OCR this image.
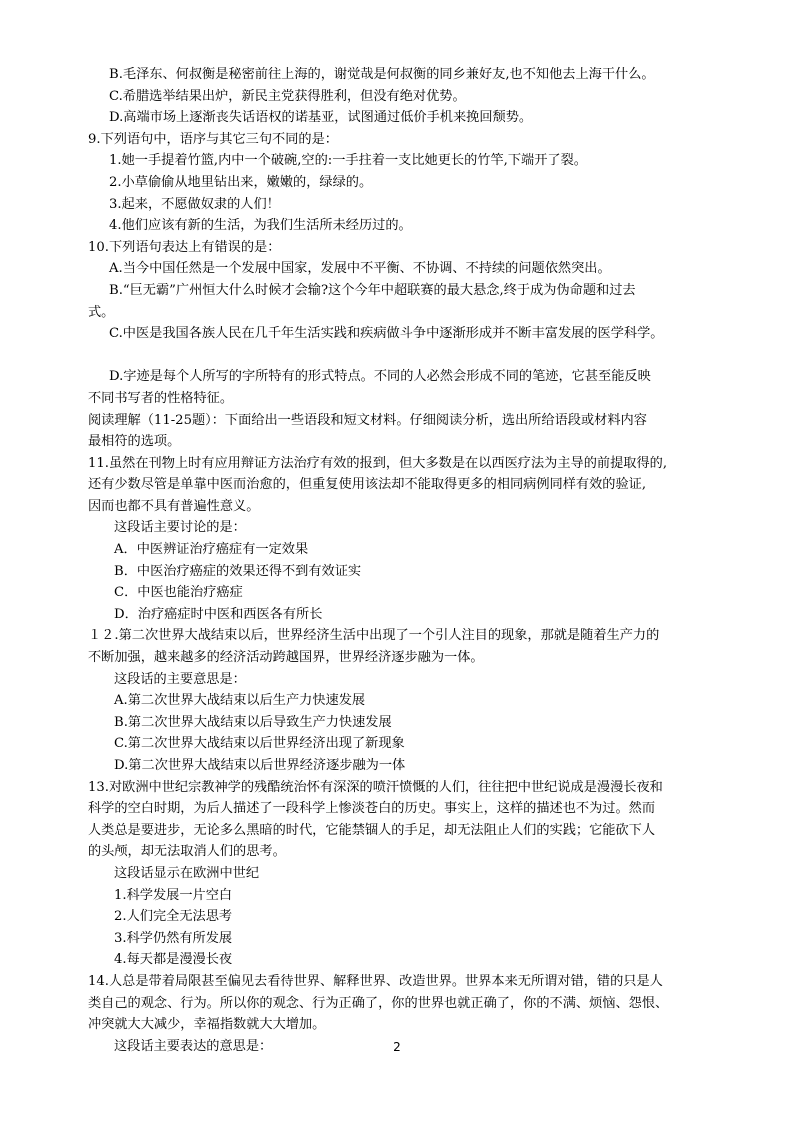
B.毛泽东、何叔衡是秘密前往上海的，谢觉哉是何叔衡的同乡兼好友,也不知他去上海干什么。
C.希腊选举结果出炉，新民主党获得胜利，但没有绝对优势。
D.高端市场上逐渐丧失话语权的诺基亚，试图通过低价手机来挽回颓势。
9.下列语句中，语序与其它三句不同的是：
1.她一手提着竹篮,内中一个破碗,空的:一手拄着一支比她更长的竹竿,下端开了裂。
2.小草偷偷从地里钻出来，嫩嫩的，绿绿的。
3.起来，不愿做奴隶的人们！
4.他们应该有新的生活，为我们生活所未经历过的。
10.下列语句表达上有错误的是：
A.当今中国任然是一个发展中国家，发展中不平衡、不协调、不持续的问题依然突出。
B.“巨无霸”广州恒大什么时候才会输?这个今年中超联赛的最大悬念,终于成为伪命题和过去
式。
C.中医是我国各族人民在几千年生活实践和疾病做斗争中逐渐形成并不断丰富发展的医学科学。

D.字迹是每个人所写的字所特有的形式特点。不同的人必然会形成不同的笔迹，它甚至能反映
不同书写者的性格特征。
阅读理解（11-25题）：下面给出一些语段和短文材料。仔细阅读分析，选出所给语段或材料内容
最相符的选项。
11.虽然在刊物上时有应用辩证方法治疗有效的报到，但大多数是在以西医疗法为主导的前提取得的,
还有少数尽管是单靠中医而治愈的，但重复使用该法却不能取得更多的相同病例同样有效的验证,
因而也都不具有普遍性意义。
这段话主要讨论的是：
A．中医辨证治疗癌症有一定效果
B．中医治疗癌症的效果还得不到有效证实
C．中医也能治疗癌症
D．治疗癌症时中医和西医各有所长
１２.第二次世界大战结束以后，世界经济生活中出现了一个引人注目的现象，那就是随着生产力的
不断加强，越来越多的经济活动跨越国界，世界经济逐步融为一体。
这段话的主要意思是：
A.第二次世界大战结束以后生产力快速发展
B.第二次世界大战结束以后导致生产力快速发展
C.第二次世界大战结束以后世界经济出现了新现象
D.第二次世界大战结束以后世界经济逐步融为一体
13.对欧洲中世纪宗教神学的残酷统治怀有深深的喷汗愤慨的人们，往往把中世纪说成是漫漫长夜和
科学的空白时期，为后人描述了一段科学上惨淡苍白的历史。事实上，这样的描述也不为过。然而
人类总是要进步，无论多么黑暗的时代，它能禁锢人的手足，却无法阻止人们的实践；它能砍下人
的头颅，却无法取消人们的思考。
这段话显示在欧洲中世纪
1.科学发展一片空白
2.人们完全无法思考
3.科学仍然有所发展
4.每天都是漫漫长夜
14.人总是带着局限甚至偏见去看待世界、解释世界、改造世界。世界本来无所谓对错，错的只是人
类自己的观念、行为。所以你的观念、行为正确了，你的世界也就正确了，你的不满、烦恼、怨恨、
冲突就大大减少，幸福指数就大大增加。
这段话主要表达的意思是：	2
